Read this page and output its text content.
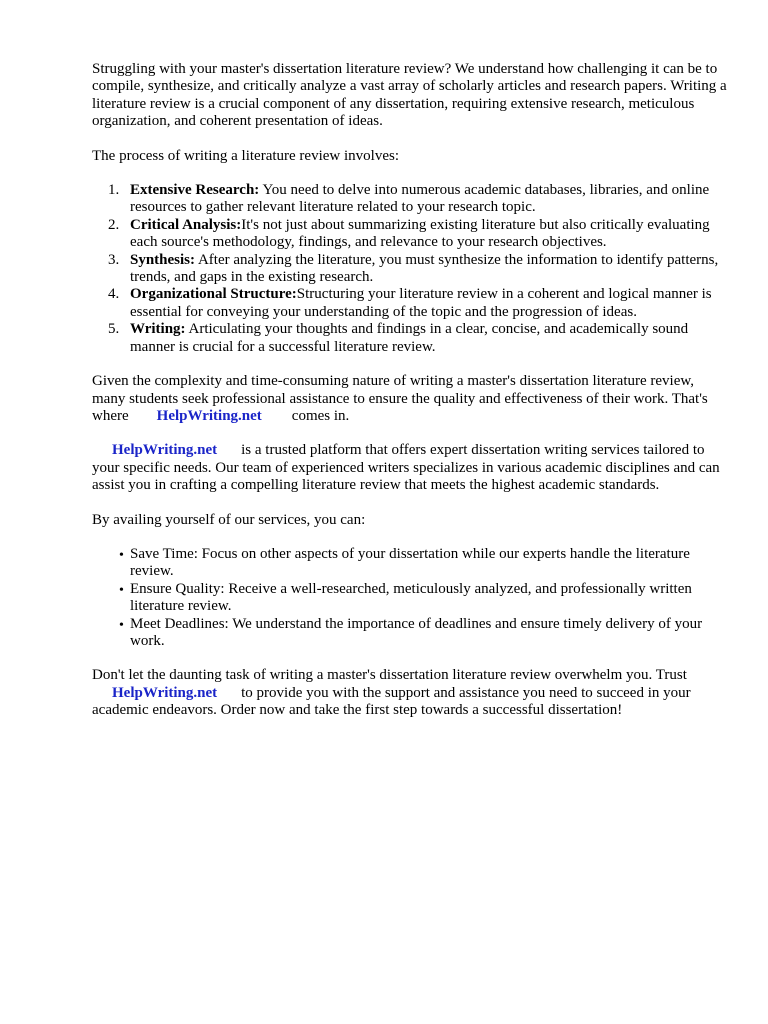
Struggling with your master's dissertation literature review? We understand how challenging it can be to compile, synthesize, and critically analyze a vast array of scholarly articles and research papers. Writing a literature review is a crucial component of any dissertation, requiring extensive research, meticulous organization, and coherent presentation of ideas.

The process of writing a literature review involves:

1. Extensive Research: You need to delve into numerous academic databases, libraries, and online resources to gather relevant literature related to your research topic.
2. Critical Analysis:It's not just about summarizing existing literature but also critically evaluating each source's methodology, findings, and relevance to your research objectives.
3. Synthesis: After analyzing the literature, you must synthesize the information to identify patterns, trends, and gaps in the existing research.
4. Organizational Structure:Structuring your literature review in a coherent and logical manner is essential for conveying your understanding of the topic and the progression of ideas.
5. Writing: Articulating your thoughts and findings in a clear, concise, and academically sound manner is crucial for a successful literature review.

Given the complexity and time-consuming nature of writing a master's dissertation literature review, many students seek professional assistance to ensure the quality and effectiveness of their work. That's where HelpWriting.net comes in.

HelpWriting.net is a trusted platform that offers expert dissertation writing services tailored to your specific needs. Our team of experienced writers specializes in various academic disciplines and can assist you in crafting a compelling literature review that meets the highest academic standards.

By availing yourself of our services, you can:

• Save Time: Focus on other aspects of your dissertation while our experts handle the literature review.
• Ensure Quality: Receive a well-researched, meticulously analyzed, and professionally written literature review.
• Meet Deadlines: We understand the importance of deadlines and ensure timely delivery of your work.

Don't let the daunting task of writing a master's dissertation literature review overwhelm you. Trust
HelpWriting.net to provide you with the support and assistance you need to succeed in your academic endeavors. Order now and take the first step towards a successful dissertation!
